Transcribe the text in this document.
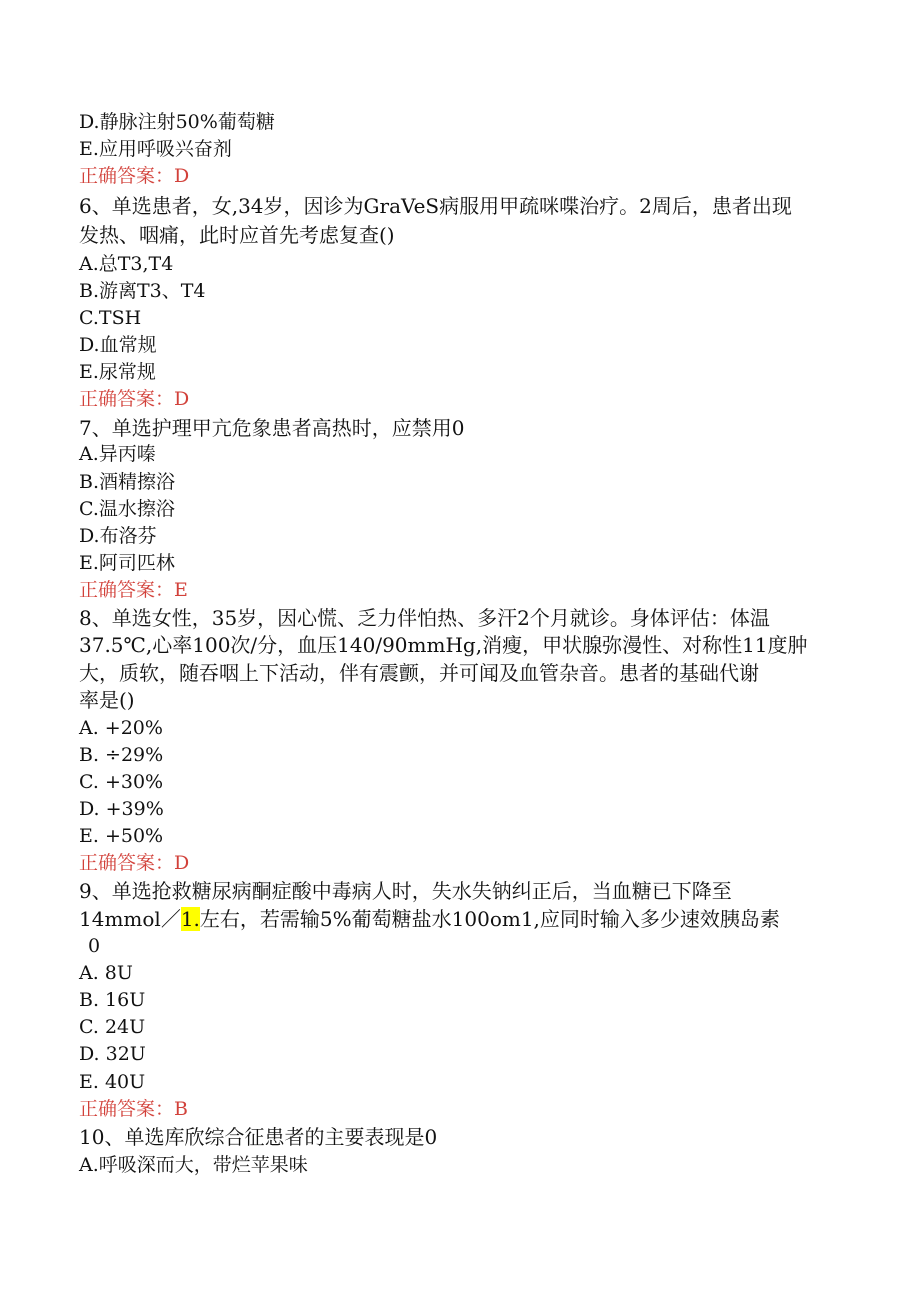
D.静脉注射50%葡萄糖
E.应用呼吸兴奋剂
正确答案：D
6、单选患者，女,34岁，因诊为GraVeS病服用甲疏咪喋治疗。2周后，患者出现
发热、咽痛，此时应首先考虑复查()
A.总T3,T4
B.游离T3、T4
C.TSH
D.血常规
E.尿常规
正确答案：D
7、单选护理甲亢危象患者高热时，应禁用0
A.异丙嗪
B.酒精擦浴
C.温水擦浴
D.布洛芬
E.阿司匹林
正确答案：E
8、单选女性，35岁，因心慌、乏力伴怕热、多汗2个月就诊。身体评估：体温
37.5℃,心率100次/分，血压140/90mmHg,消瘦，甲状腺弥漫性、对称性11度肿
大，质软，随吞咽上下活动，伴有震颤，并可闻及血管杂音。患者的基础代谢
率是()
A. +20%
B. ÷29%
C. +30%
D. +39%
E. +50%
正确答案：D
9、单选抢救糖尿病酮症酸中毒病人时，失水失钠纠正后，当血糖已下降至
14mmol／1.左右，若需输5%葡萄糖盐水100om1,应同时输入多少速效胰岛素
0
A. 8U
B. 16U
C. 24U
D. 32U
E. 40U
正确答案：B
10、单选库欣综合征患者的主要表现是0
A.呼吸深而大，带烂苹果味
